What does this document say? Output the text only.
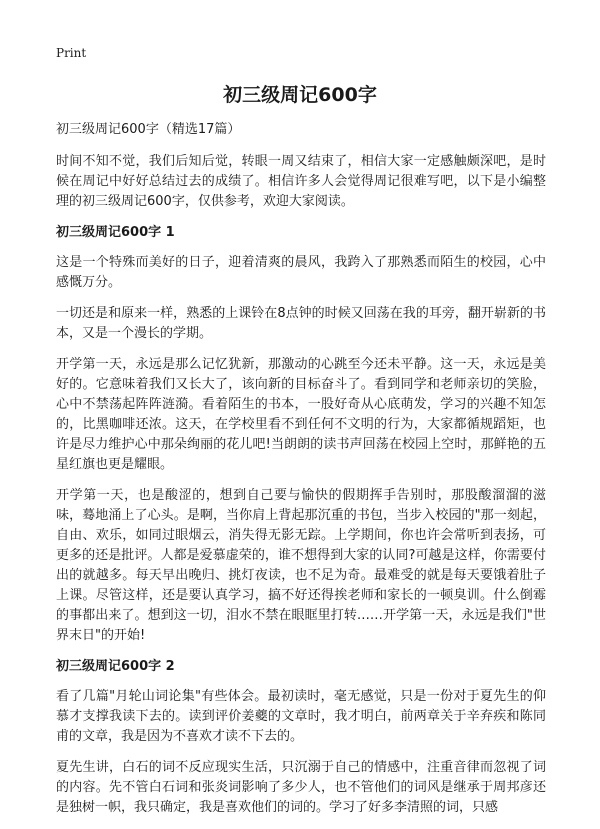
Print
初三级周记600字
初三级周记600字（精选17篇）

时间不知不觉，我们后知后觉，转眼一周又结束了，相信大家一定感触颇深吧，是时候在周记中好好总结过去的成绩了。相信许多人会觉得周记很难写吧，以下是小编整理的初三级周记600字，仅供参考，欢迎大家阅读。

初三级周记600字 1

这是一个特殊而美好的日子，迎着清爽的晨风，我跨入了那熟悉而陌生的校园，心中感慨万分。

一切还是和原来一样，熟悉的上课铃在8点钟的时候又回荡在我的耳旁，翻开崭新的书本，又是一个漫长的学期。

开学第一天，永远是那么记忆犹新，那激动的心跳至今还未平静。这一天，永远是美好的。它意味着我们又长大了，该向新的目标奋斗了。看到同学和老师亲切的笑脸，心中不禁荡起阵阵涟漪。看着陌生的书本，一股好奇从心底萌发，学习的兴趣不知怎的，比黑咖啡还浓。这天，在学校里看不到任何不文明的行为，大家都循规蹈矩，也许是尽力维护心中那朵绚丽的花儿吧!当朗朗的读书声回荡在校园上空时，那鲜艳的五星红旗也更是耀眼。

开学第一天，也是酸涩的，想到自己要与愉快的假期挥手告别时，那股酸溜溜的滋味，蓦地涌上了心头。是啊，当你肩上背起那沉重的书包，当步入校园的"那一刻起，自由、欢乐，如同过眼烟云，消失得无影无踪。上学期间，你也许会常听到表扬，可更多的还是批评。人都是爱慕虚荣的，谁不想得到大家的认同?可越是这样，你需要付出的就越多。每天早出晚归、挑灯夜读，也不足为奇。最难受的就是每天要饿着肚子上课。尽管这样，还是要认真学习，搞不好还得挨老师和家长的一顿臭训。什么倒霉的事都出来了。想到这一切，泪水不禁在眼眶里打转……开学第一天，永远是我们"世界末日"的开始!

初三级周记600字 2

看了几篇"月轮山词论集"有些体会。最初读时，毫无感觉，只是一份对于夏先生的仰慕才支撑我读下去的。读到评价姜夔的文章时，我才明白，前两章关于辛弃疾和陈同甫的文章，我是因为不喜欢才读不下去的。

夏先生讲，白石的词不反应现实生活，只沉溺于自己的情感中，注重音律而忽视了词的内容。先不管白石词和张炎词影响了多少人，也不管他们的词风是继承于周邦彦还是独树一帜，我只确定，我是喜欢他们的词的。学习了好多李清照的词，只感
